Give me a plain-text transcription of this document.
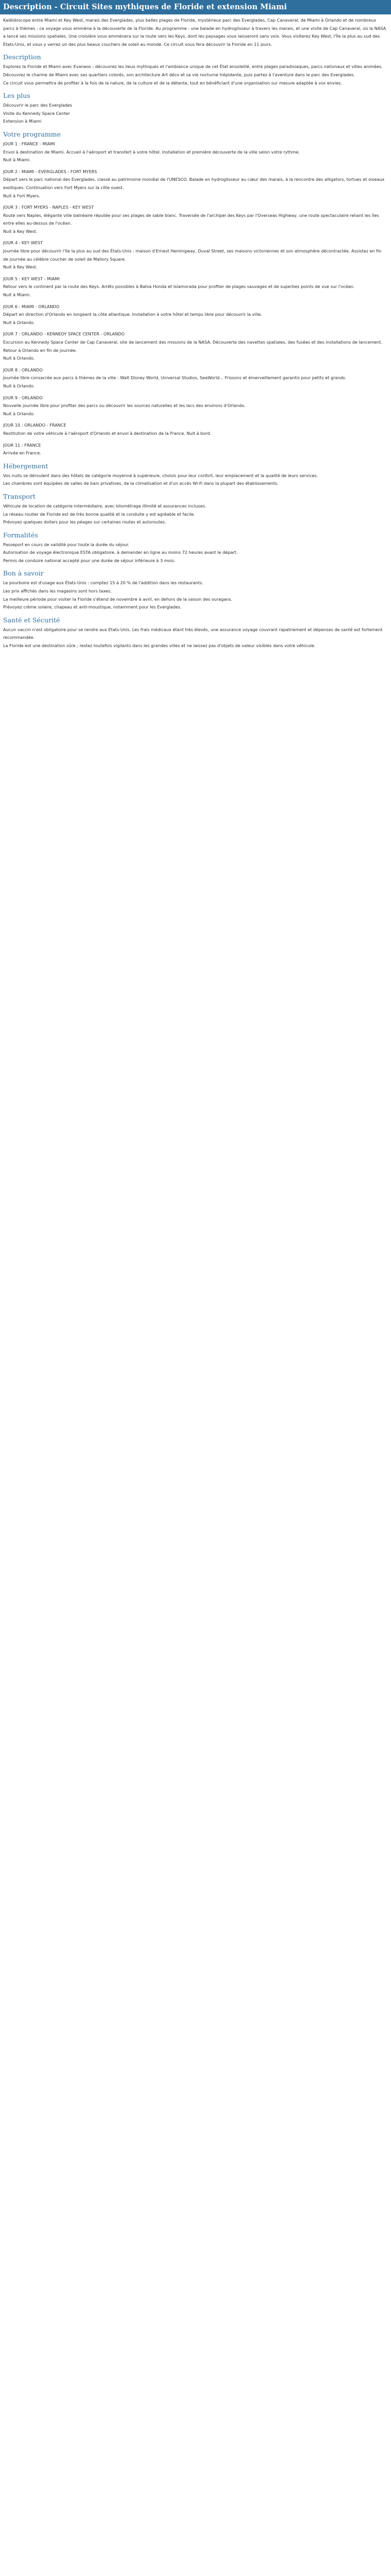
Description - Circuit Sites mythiques de Floride et extension Miami

Kaléidoscope entre Miami et Key West, marais des Everglades, plus belles plages de Floride, mystérieux parc des Everglades, Cap Canaveral, de Miami à Orlando et de nombreux parcs à thèmes : ce voyage vous emmène à la découverte de la Floride. Au programme : une balade en hydroglisseur à travers les marais, et une visite de Cap Canaveral, où la NASA a lancé ses missions spatiales. Une croisière vous emmènera sur la route vers les Keys, dont les paysages vous laisseront sans voix. Vous visiterez Key West, l'île la plus au sud des États-Unis, et vous y verrez un des plus beaux couchers de soleil au monde. Ce circuit vous fera découvrir la Floride en 11 jours.

Description
Explorez la Floride et Miami avec Evaneos : découvrez les lieux mythiques et l'ambiance unique de cet État ensoleillé, entre plages paradisiaques, parcs nationaux et villes animées.
Découvrez le charme de Miami avec ses quartiers colorés, son architecture Art déco et sa vie nocturne trépidante, puis partez à l'aventure dans le parc des Everglades.
Ce circuit vous permettra de profiter à la fois de la nature, de la culture et de la détente, tout en bénéficiant d'une organisation sur mesure adaptée à vos envies.
Les plus
Découvrir le parc des Everglades
Visite du Kennedy Space Center
Extension à Miami
Votre programme
JOUR 1 : FRANCE - MIAMI
Envol à destination de Miami. Accueil à l'aéroport et transfert à votre hôtel. Installation et première découverte de la ville selon votre rythme.
Nuit à Miami.
JOUR 2 : MIAMI - EVERGLADES - FORT MYERS
Départ vers le parc national des Everglades, classé au patrimoine mondial de l'UNESCO. Balade en hydroglisseur au cœur des marais, à la rencontre des alligators, tortues et oiseaux exotiques. Continuation vers Fort Myers sur la côte ouest.
Nuit à Fort Myers.
JOUR 3 : FORT MYERS - NAPLES - KEY WEST
Route vers Naples, élégante ville balnéaire réputée pour ses plages de sable blanc. Traversée de l'archipel des Keys par l'Overseas Highway, une route spectaculaire reliant les îles entre elles au-dessus de l'océan.
Nuit à Key West.
JOUR 4 : KEY WEST
Journée libre pour découvrir l'île la plus au sud des États-Unis : maison d'Ernest Hemingway, Duval Street, ses maisons victoriennes et son atmosphère décontractée. Assistez en fin de journée au célèbre coucher de soleil de Mallory Square.
Nuit à Key West.
JOUR 5 : KEY WEST - MIAMI
Retour vers le continent par la route des Keys. Arrêts possibles à Bahia Honda et Islamorada pour profiter de plages sauvages et de superbes points de vue sur l'océan.
Nuit à Miami.
JOUR 6 : MIAMI - ORLANDO
Départ en direction d'Orlando en longeant la côte atlantique. Installation à votre hôtel et temps libre pour découvrir la ville.
Nuit à Orlando.
JOUR 7 : ORLANDO - KENNEDY SPACE CENTER - ORLANDO
Excursion au Kennedy Space Center de Cap Canaveral, site de lancement des missions de la NASA. Découverte des navettes spatiales, des fusées et des installations de lancement. Retour à Orlando en fin de journée.
Nuit à Orlando.
JOUR 8 : ORLANDO
Journée libre consacrée aux parcs à thèmes de la ville : Walt Disney World, Universal Studios, SeaWorld... Frissons et émerveillement garantis pour petits et grands.
Nuit à Orlando.
JOUR 9 : ORLANDO
Nouvelle journée libre pour profiter des parcs ou découvrir les sources naturelles et les lacs des environs d'Orlando.
Nuit à Orlando.
JOUR 10 : ORLANDO - FRANCE
Restitution de votre véhicule à l'aéroport d'Orlando et envol à destination de la France. Nuit à bord.
JOUR 11 : FRANCE
Arrivée en France.
Hébergement
Vos nuits se déroulent dans des hôtels de catégorie moyenne à supérieure, choisis pour leur confort, leur emplacement et la qualité de leurs services.
Les chambres sont équipées de salles de bain privatives, de la climatisation et d'un accès Wi-Fi dans la plupart des établissements.
Transport
Véhicule de location de catégorie intermédiaire, avec kilométrage illimité et assurances incluses.
Le réseau routier de Floride est de très bonne qualité et la conduite y est agréable et facile.
Prévoyez quelques dollars pour les péages sur certaines routes et autoroutes.
Formalités
Passeport en cours de validité pour toute la durée du séjour.
Autorisation de voyage électronique ESTA obligatoire, à demander en ligne au moins 72 heures avant le départ.
Permis de conduire national accepté pour une durée de séjour inférieure à 3 mois.
Bon à savoir
Le pourboire est d'usage aux États-Unis : comptez 15 à 20 % de l'addition dans les restaurants.
Les prix affichés dans les magasins sont hors taxes.
La meilleure période pour visiter la Floride s'étend de novembre à avril, en dehors de la saison des ouragans.
Prévoyez crème solaire, chapeau et anti-moustique, notamment pour les Everglades.
Santé et Sécurité
Aucun vaccin n'est obligatoire pour se rendre aux États-Unis. Les frais médicaux étant très élevés, une assurance voyage couvrant rapatriement et dépenses de santé est fortement recommandée.
La Floride est une destination sûre ; restez toutefois vigilants dans les grandes villes et ne laissez pas d'objets de valeur visibles dans votre véhicule.
